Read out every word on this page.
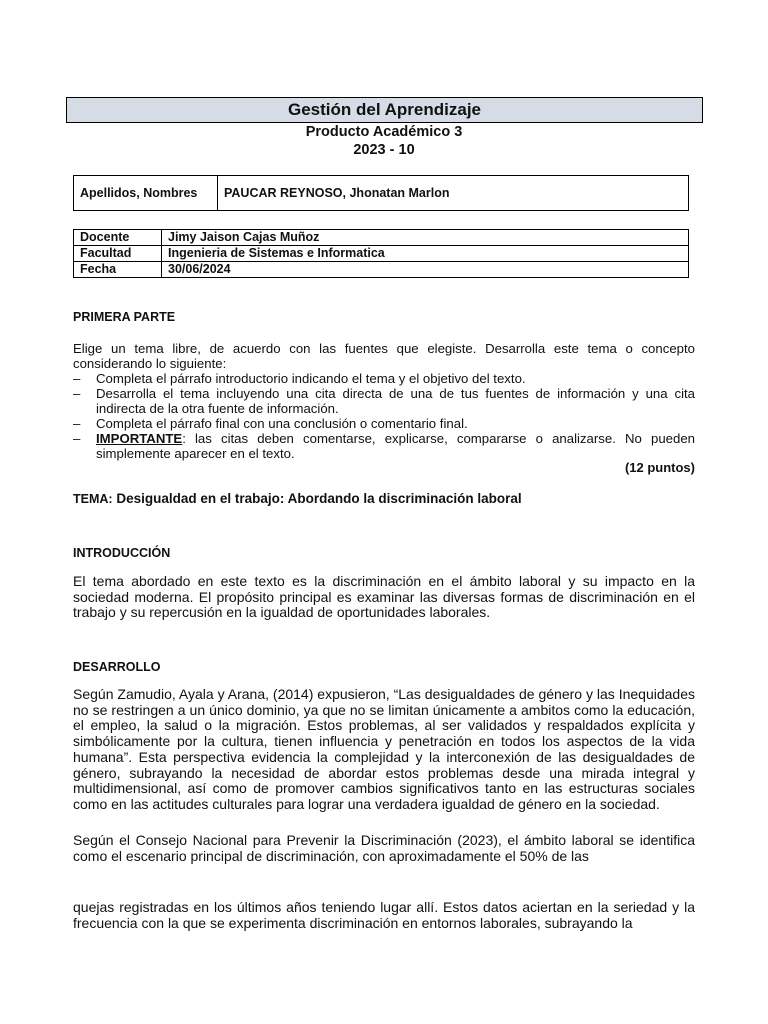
Gestión del Aprendizaje
Producto Académico 3
2023 - 10
Apellidos, Nombres	PAUCAR REYNOSO, Jhonatan Marlon
Docente	Jimy Jaison Cajas Muñoz
Facultad	Ingenieria de Sistemas e Informatica
Fecha	30/06/2024
PRIMERA PARTE
Elige un tema libre, de acuerdo con las fuentes que elegiste. Desarrolla este tema o concepto considerando lo siguiente:
– Completa el párrafo introductorio indicando el tema y el objetivo del texto.
– Desarrolla el tema incluyendo una cita directa de una de tus fuentes de información y una cita indirecta de la otra fuente de información.
– Completa el párrafo final con una conclusión o comentario final.
– IMPORTANTE: las citas deben comentarse, explicarse, compararse o analizarse. No pueden simplemente aparecer en el texto.
(12 puntos)
TEMA: Desigualdad en el trabajo: Abordando la discriminación laboral
INTRODUCCIÓN
El tema abordado en este texto es la discriminación en el ámbito laboral y su impacto en la sociedad moderna. El propósito principal es examinar las diversas formas de discriminación en el trabajo y su repercusión en la igualdad de oportunidades laborales.
DESARROLLO
Según Zamudio, Ayala y Arana, (2014) expusieron, “Las desigualdades de género y las Inequidades no se restringen a un único dominio, ya que no se limitan únicamente a ambitos como la educación, el empleo, la salud o la migración. Estos problemas, al ser validados y respaldados explícita y simbólicamente por la cultura, tienen influencia y penetración en todos los aspectos de la vida humana”. Esta perspectiva evidencia la complejidad y la interconexión de las desigualdades de género, subrayando la necesidad de abordar estos problemas desde una mirada integral y multidimensional, así como de promover cambios significativos tanto en las estructuras sociales como en las actitudes culturales para lograr una verdadera igualdad de género en la sociedad.
Según el Consejo Nacional para Prevenir la Discriminación (2023), el ámbito laboral se identifica como el escenario principal de discriminación, con aproximadamente el 50% de las
quejas registradas en los últimos años teniendo lugar allí. Estos datos aciertan en la seriedad y la frecuencia con la que se experimenta discriminación en entornos laborales, subrayando la
